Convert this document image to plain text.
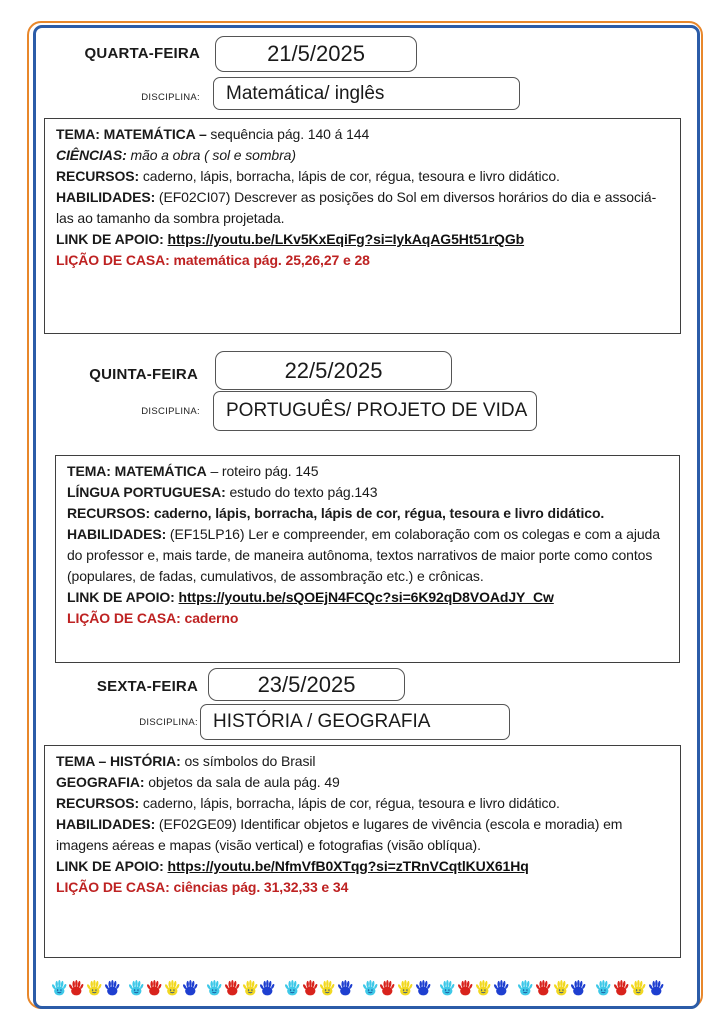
QUARTA-FEIRA	21/5/2025
DISCIPLINA: Matemática/ inglês

TEMA: MATEMÁTICA – sequência pág. 140 á 144

CIÊNCIAS: mão a obra ( sol e sombra)

RECURSOS: caderno, lápis, borracha, lápis de cor, régua, tesoura e livro didático.

HABILIDADES: (EF02CI07) Descrever as posições do Sol em diversos horários do dia e associá-las ao tamanho da sombra projetada.

LINK DE APOIO: https://youtu.be/LKv5KxEqiFg?si=IykAqAG5Ht51rQGb

LIÇÃO DE CASA: matemática pág. 25,26,27 e 28

QUINTA-FEIRA	22/5/2025
DISCIPLINA: PORTUGUÊS/ PROJETO DE VIDA

TEMA: MATEMÁTICA – roteiro pág. 145

LÍNGUA PORTUGUESA: estudo do texto pág.143

RECURSOS: caderno, lápis, borracha, lápis de cor, régua, tesoura e livro didático.

HABILIDADES: (EF15LP16) Ler e compreender, em colaboração com os colegas e com a ajuda do professor e, mais tarde, de maneira autônoma, textos narrativos de maior porte como contos (populares, de fadas, cumulativos, de assombração etc.) e crônicas.

LINK DE APOIO: https://youtu.be/sQOEjN4FCQc?si=6K92qD8VOAdJY_Cw

LIÇÃO DE CASA: caderno

SEXTA-FEIRA	23/5/2025
DISCIPLINA: HISTÓRIA / GEOGRAFIA

TEMA – HISTÓRIA: os símbolos do Brasil

GEOGRAFIA: objetos da sala de aula pág. 49

RECURSOS: caderno, lápis, borracha, lápis de cor, régua, tesoura e livro didático.

HABILIDADES: (EF02GE09) Identificar objetos e lugares de vivência (escola e moradia) em imagens aéreas e mapas (visão vertical) e fotografias (visão oblíqua).

LINK DE APOIO: https://youtu.be/NfmVfB0XTqg?si=zTRnVCqtlKUX61Hq

LIÇÃO DE CASA: ciências pág. 31,32,33 e 34
